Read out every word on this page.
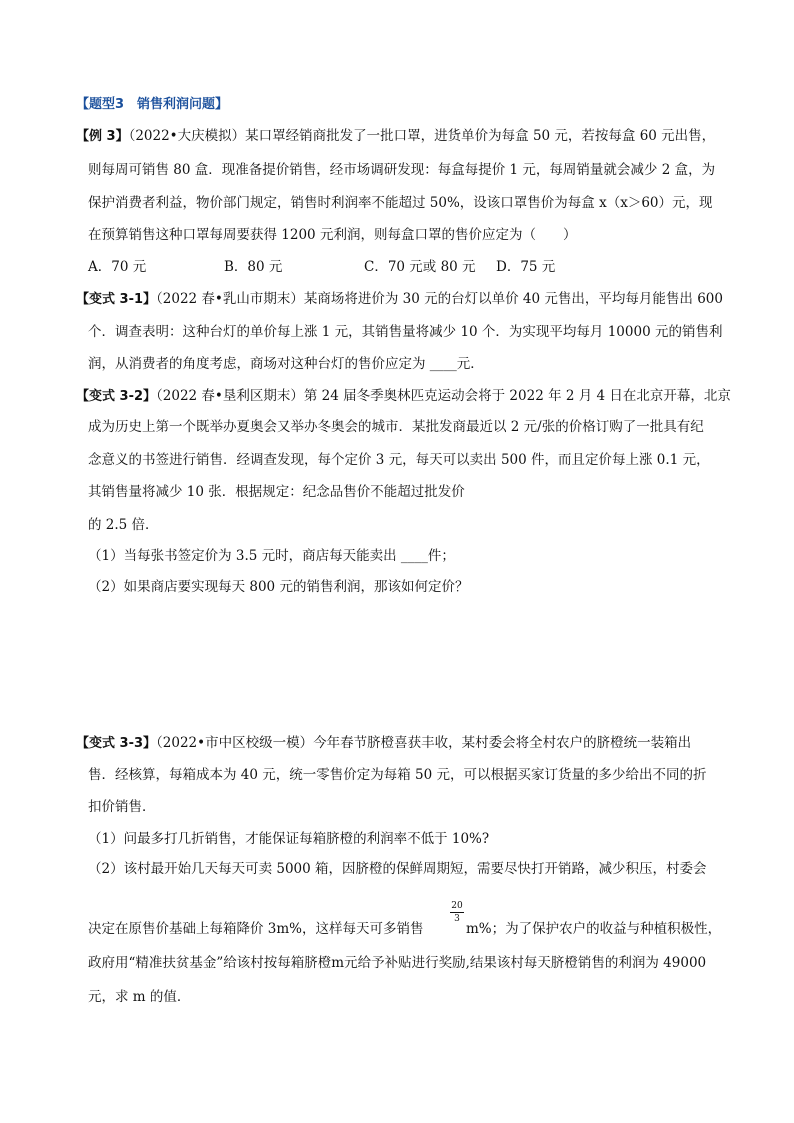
【题型3　销售利润问题】
【例 3】（2022•大庆模拟）某口罩经销商批发了一批口罩，进货单价为每盒 50 元，若按每盒 60 元出售，
则每周可销售 80 盒．现准备提价销售，经市场调研发现：每盒每提价 1 元，每周销量就会减少 2 盒，为
保护消费者利益，物价部门规定，销售时利润率不能超过 50%，设该口罩售价为每盒 x（x＞60）元，现
在预算销售这种口罩每周要获得 1200 元利润，则每盒口罩的售价应定为（　　）
A．70 元	B．80 元	C．70 元或 80 元 D．75 元
【变式 3-1】（2022 春•乳山市期末）某商场将进价为 30 元的台灯以单价 40 元售出，平均每月能售出 600
个．调查表明：这种台灯的单价每上涨 1 元，其销售量将减少 10 个．为实现平均每月 10000 元的销售利
润，从消费者的角度考虑，商场对这种台灯的售价应定为 ____元．
【变式 3-2】（2022 春•垦利区期末）第 24 届冬季奥林匹克运动会将于 2022 年 2 月 4 日在北京开幕，北京
成为历史上第一个既举办夏奥会又举办冬奥会的城市．某批发商最近以 2 元/张的价格订购了一批具有纪
念意义的书签进行销售．经调查发现，每个定价 3 元，每天可以卖出 500 件，而且定价每上涨 0.1 元，
其销售量将减少 10 张．根据规定：纪念品售价不能超过批发价
的 2.5 倍．
（1）当每张书签定价为 3.5 元时，商店每天能卖出 ____件；
（2）如果商店要实现每天 800 元的销售利润，那该如何定价？
【变式 3-3】（2022•市中区校级一模）今年春节脐橙喜获丰收，某村委会将全村农户的脐橙统一装箱出
售．经核算，每箱成本为 40 元，统一零售价定为每箱 50 元，可以根据买家订货量的多少给出不同的折
扣价销售．
（1）问最多打几折销售，才能保证每箱脐橙的利润率不低于 10%?
（2）该村最开始几天每天可卖 5000 箱，因脐橙的保鲜周期短，需要尽快打开销路，减少积压，村委会
决定在原售价基础上每箱降价 3m%，这样每天可多销售
20
3
m%；为了保护农户的收益与种植积极性，
政府用“精准扶贫基金”给该村按每箱脐橙m元给予补贴进行奖励,结果该村每天脐橙销售的利润为 49000
元，求 m 的值．
